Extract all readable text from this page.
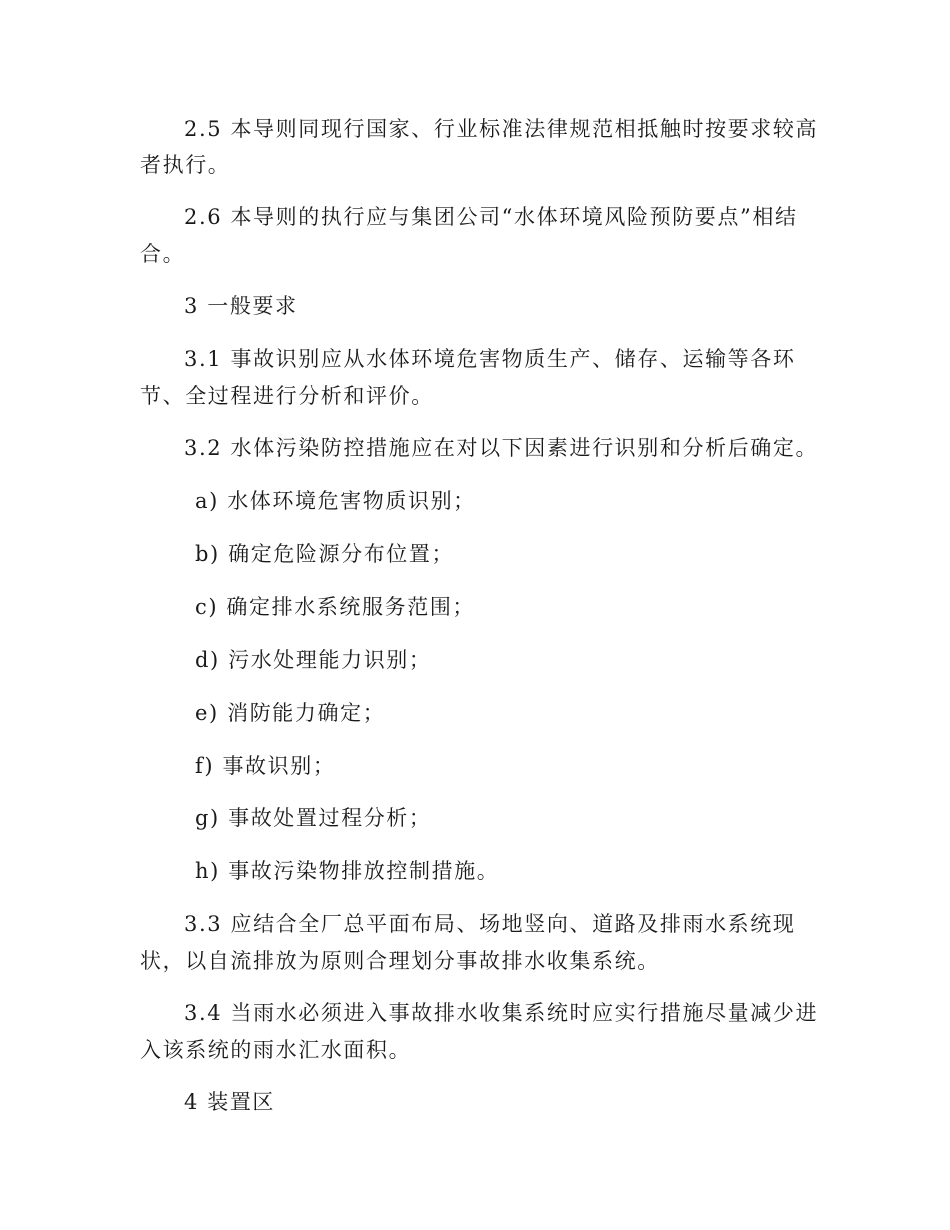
2.5 本导则同现行国家、行业标准法律规范相抵触时按要求较高
者执行。
2.6 本导则的执行应与集团公司“水体环境风险预防要点”相结
合。
3 一般要求
3.1 事故识别应从水体环境危害物质生产、储存、运输等各环
节、全过程进行分析和评价。
3.2 水体污染防控措施应在对以下因素进行识别和分析后确定。
a) 水体环境危害物质识别；
b) 确定危险源分布位置；
c) 确定排水系统服务范围；
d) 污水处理能力识别；
e) 消防能力确定；
f) 事故识别；
g) 事故处置过程分析；
h) 事故污染物排放控制措施。
3.3 应结合全厂总平面布局、场地竖向、道路及排雨水系统现
状，以自流排放为原则合理划分事故排水收集系统。
3.4 当雨水必须进入事故排水收集系统时应实行措施尽量减少进
入该系统的雨水汇水面积。
4 装置区
